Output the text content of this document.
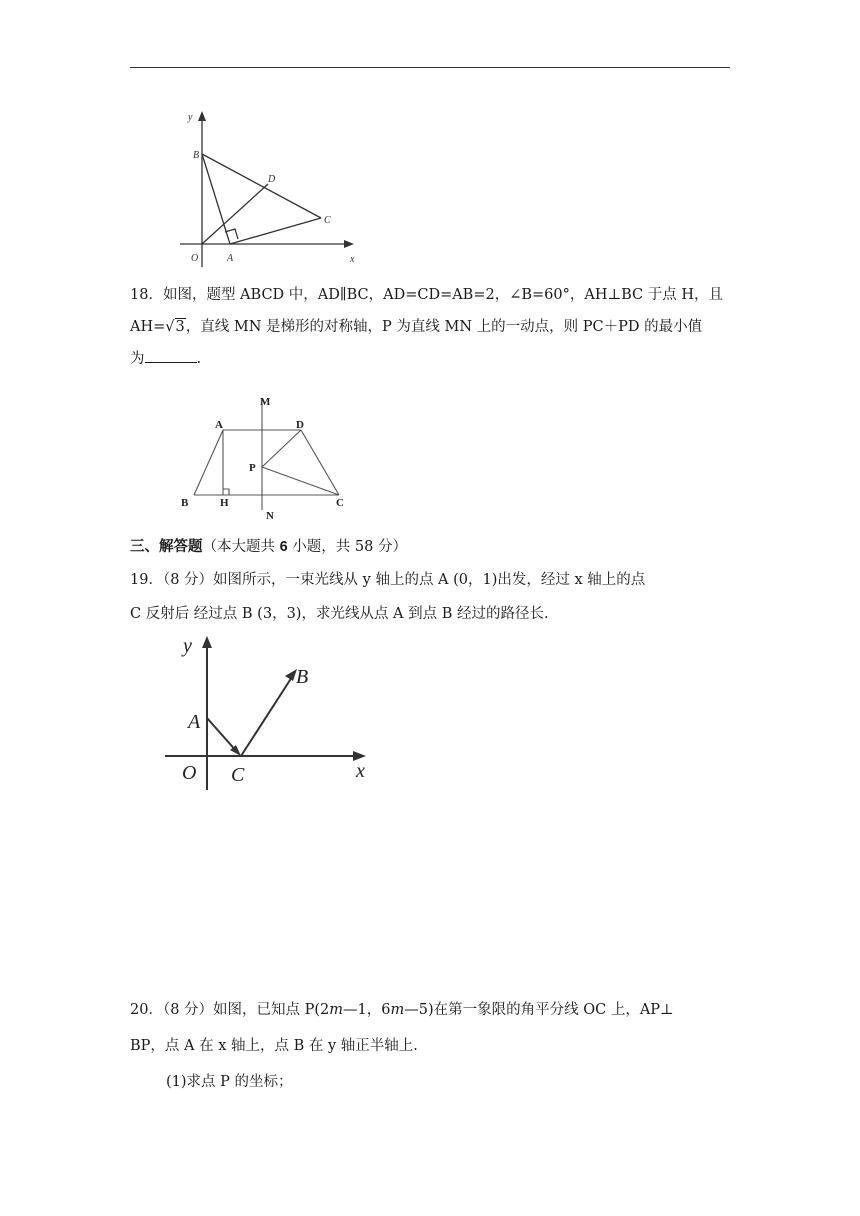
y
B
D
C
O	A	x

18．如图，题型 ABCD 中，AD∥BC，AD=CD=AB=2，∠B=60°，AH⊥BC 于点 H，且

AH=√3，直线 MN 是梯形的对称轴，P 为直线 MN 上的一动点，则 PC＋PD 的最小值

为	.

M
A	D
P
B	H	C
N

三、解答题（本大题共 6 小题，共 58 分）

19．（8 分）如图所示，一束光线从 y 轴上的点 A (0，1)出发，经过 x 轴上的点

C 反射后 经过点 B (3，3)，求光线从点 A 到点 B 经过的路径长.

y
B
A
O C	x

20．（8 分）如图，已知点 P(2m—1，6m—5)在第一象限的角平分线 OC 上，AP⊥

BP，点 A 在 x 轴上，点 B 在 y 轴正半轴上.

(1)求点 P 的坐标；
